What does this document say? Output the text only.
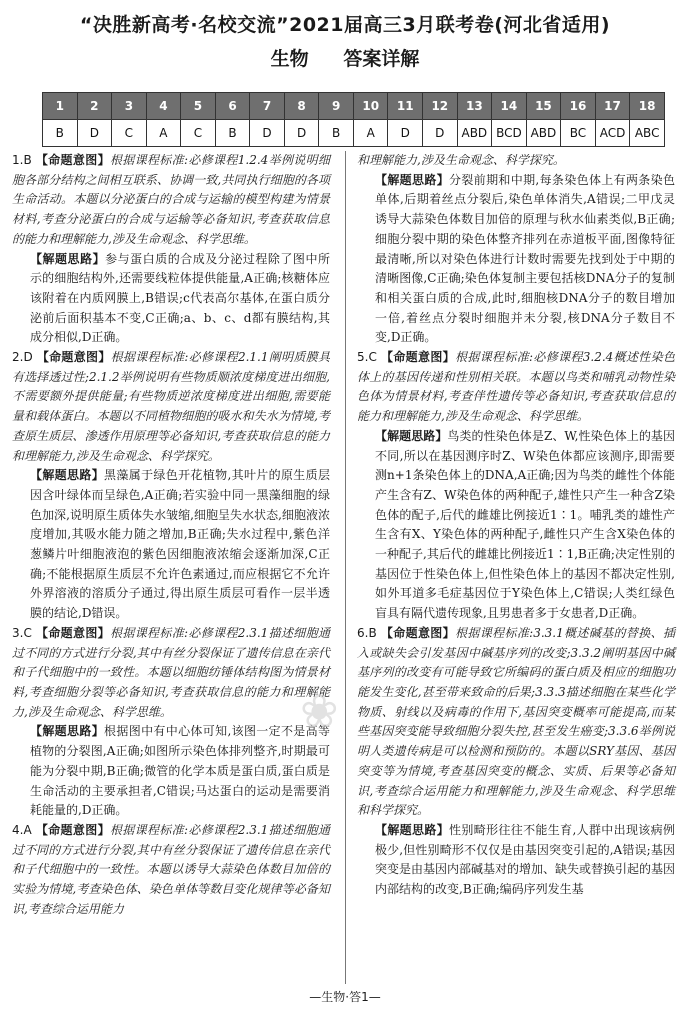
“决胜新高考·名校交流”2021届高三3月联考卷(河北省适用)
生物 答案详解
1	2	3	4	5	6	7	8	9	10	11	12	13	14	15	16	17	18
B	D	C	A	C	B	D	D	B	A	D	D	ABD	BCD	ABD	BC	ACD	ABC

1.B 【命题意图】根据课程标准:必修课程1.2.4举例说明细胞各部分结构之间相互联系、协调一致,共同执行细胞的各项生命活动。本题以分泌蛋白的合成与运输的模型构建为情景材料,考查分泌蛋白的合成与运输等必备知识,考查获取信息的能力和理解能力,涉及生命观念、科学思维。
【解题思路】参与蛋白质的合成及分泌过程除了图中所示的细胞结构外,还需要线粒体提供能量,A正确;核糖体应该附着在内质网膜上,B错误;c代表高尔基体,在蛋白质分泌前后面积基本不变,C正确;a、b、c、d都有膜结构,其成分相似,D正确。

2.D 【命题意图】根据课程标准:必修课程2.1.1阐明质膜具有选择透过性;2.1.2举例说明有些物质顺浓度梯度进出细胞,不需要额外提供能量;有些物质逆浓度梯度进出细胞,需要能量和载体蛋白。本题以不同植物细胞的吸水和失水为情境,考查原生质层、渗透作用原理等必备知识,考查获取信息的能力和理解能力,涉及生命观念、科学探究。
【解题思路】黑藻属于绿色开花植物,其叶片的原生质层因含叶绿体而呈绿色,A正确;若实验中同一黑藻细胞的绿色加深,说明原生质体失水皱缩,细胞呈失水状态,细胞液浓度增加,其吸水能力随之增加,B正确;失水过程中,紫色洋葱鳞片叶细胞液泡的紫色因细胞液浓缩会逐渐加深,C正确;不能根据原生质层不允许色素通过,而应根据它不允许外界溶液的溶质分子通过,得出原生质层可看作一层半透膜的结论,D错误。

3.C 【命题意图】根据课程标准:必修课程2.3.1描述细胞通过不同的方式进行分裂,其中有丝分裂保证了遗传信息在亲代和子代细胞中的一致性。本题以细胞纺锤体结构图为情景材料,考查细胞分裂等必备知识,考查获取信息的能力和理解能力,涉及生命观念、科学思维。
【解题思路】根据图中有中心体可知,该图一定不是高等植物的分裂图,A正确;如图所示染色体排列整齐,时期最可能为分裂中期,B正确;微管的化学本质是蛋白质,蛋白质是生命活动的主要承担者,C错误;马达蛋白的运动是需要消耗能量的,D正确。

4.A 【命题意图】根据课程标准:必修课程2.3.1描述细胞通过不同的方式进行分裂,其中有丝分裂保证了遗传信息在亲代和子代细胞中的一致性。本题以诱导大蒜染色体数目加倍的实验为情境,考查染色体、染色单体等数目变化规律等必备知识,考查综合运用能力

和理解能力,涉及生命观念、科学探究。
【解题思路】分裂前期和中期,每条染色体上有两条染色单体,后期着丝点分裂后,染色单体消失,A错误;二甲戊灵诱导大蒜染色体数目加倍的原理与秋水仙素类似,B正确;细胞分裂中期的染色体整齐排列在赤道板平面,图像特征最清晰,所以对染色体进行计数时需要先找到处于中期的清晰图像,C正确;染色体复制主要包括核DNA分子的复制和相关蛋白质的合成,此时,细胞核DNA分子的数目增加一倍,着丝点分裂时细胞并未分裂,核DNA分子数目不变,D正确。

5.C 【命题意图】根据课程标准:必修课程3.2.4概述性染色体上的基因传递和性别相关联。本题以鸟类和哺乳动物性染色体为情景材料,考查伴性遗传等必备知识,考查获取信息的能力和理解能力,涉及生命观念、科学思维。
【解题思路】鸟类的性染色体是Z、W,性染色体上的基因不同,所以在基因测序时Z、W染色体都应该测序,即需要测n+1条染色体上的DNA,A正确;因为鸟类的雌性个体能产生含有Z、W染色体的两种配子,雄性只产生一种含Z染色体的配子,后代的雌雄比例接近1∶1。哺乳类的雄性产生含有X、Y染色体的两种配子,雌性只产生含X染色体的一种配子,其后代的雌雄比例接近1∶1,B正确;决定性别的基因位于性染色体上,但性染色体上的基因不都决定性别,如外耳道多毛症基因位于Y染色体上,C错误;人类红绿色盲具有隔代遗传现象,且男患者多于女患者,D正确。

6.B 【命题意图】根据课程标准:3.3.1概述碱基的替换、插入或缺失会引发基因中碱基序列的改变;3.3.2阐明基因中碱基序列的改变有可能导致它所编码的蛋白质及相应的细胞功能发生变化,甚至带来致命的后果;3.3.3描述细胞在某些化学物质、射线以及病毒的作用下,基因突变概率可能提高,而某些基因突变能导致细胞分裂失控,甚至发生癌变;3.3.6举例说明人类遗传病是可以检测和预防的。本题以SRY基因、基因突变等为情境,考查基因突变的概念、实质、后果等必备知识,考查综合运用能力和理解能力,涉及生命观念、科学思维和科学探究。
【解题思路】性别畸形往往不能生育,人群中出现该病例极少,但性别畸形不仅仅是由基因突变引起的,A错误;基因突变是由基因内部碱基对的增加、缺失或替换引起的基因内部结构的改变,B正确;编码序列发生基

❀
—生物·答1—
